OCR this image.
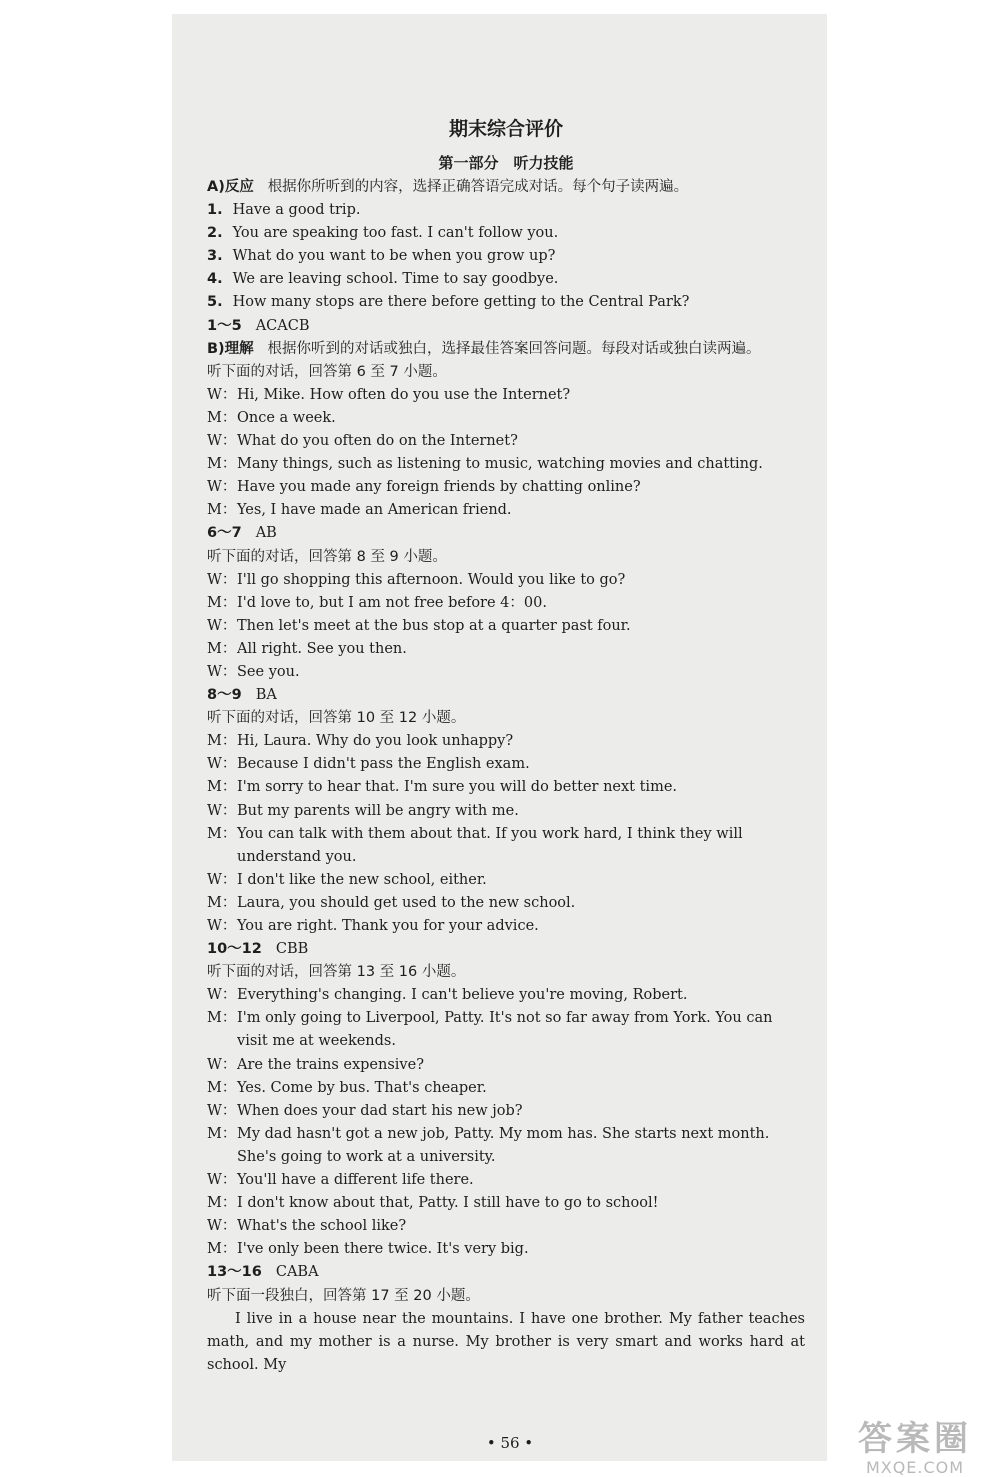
期末综合评价
第一部分　听力技能
A)反应 根据你所听到的内容，选择正确答语完成对话。每个句子读两遍。
1. Have a good trip.
2. You are speaking too fast. I can't follow you.
3. What do you want to be when you grow up?
4. We are leaving school. Time to say goodbye.
5. How many stops are there before getting to the Central Park?
1～5 ACACB
B)理解 根据你听到的对话或独白，选择最佳答案回答问题。每段对话或独白读两遍。
听下面的对话，回答第 6 至 7 小题。
W： Hi, Mike. How often do you use the Internet?
M： Once a week.
W： What do you often do on the Internet?
M： Many things, such as listening to music, watching movies and chatting.
W： Have you made any foreign friends by chatting online?
M： Yes, I have made an American friend.
6～7 AB
听下面的对话，回答第 8 至 9 小题。
W： I'll go shopping this afternoon. Would you like to go?
M： I'd love to, but I am not free before 4：00.
W： Then let's meet at the bus stop at a quarter past four.
M： All right. See you then.
W： See you.
8～9 BA
听下面的对话，回答第 10 至 12 小题。
M： Hi, Laura. Why do you look unhappy?
W： Because I didn't pass the English exam.
M： I'm sorry to hear that. I'm sure you will do better next time.
W： But my parents will be angry with me.
M： You can talk with them about that. If you work hard, I think they will understand you.
W： I don't like the new school, either.
M： Laura, you should get used to the new school.
W： You are right. Thank you for your advice.
10～12 CBB
听下面的对话，回答第 13 至 16 小题。
W： Everything's changing. I can't believe you're moving, Robert.
M： I'm only going to Liverpool, Patty. It's not so far away from York. You can visit me at weekends.
W： Are the trains expensive?
M： Yes. Come by bus. That's cheaper.
W： When does your dad start his new job?
M： My dad hasn't got a new job, Patty. My mom has. She starts next month. She's going to work at a university.
W： You'll have a different life there.
M： I don't know about that, Patty. I still have to go to school!
W： What's the school like?
M： I've only been there twice. It's very big.
13～16 CABA
听下面一段独白，回答第 17 至 20 小题。
I live in a house near the mountains. I have one brother. My father teaches math, and my mother is a nurse. My brother is very smart and works hard at school. My
• 56 •	答案圈
MXQE.COM
